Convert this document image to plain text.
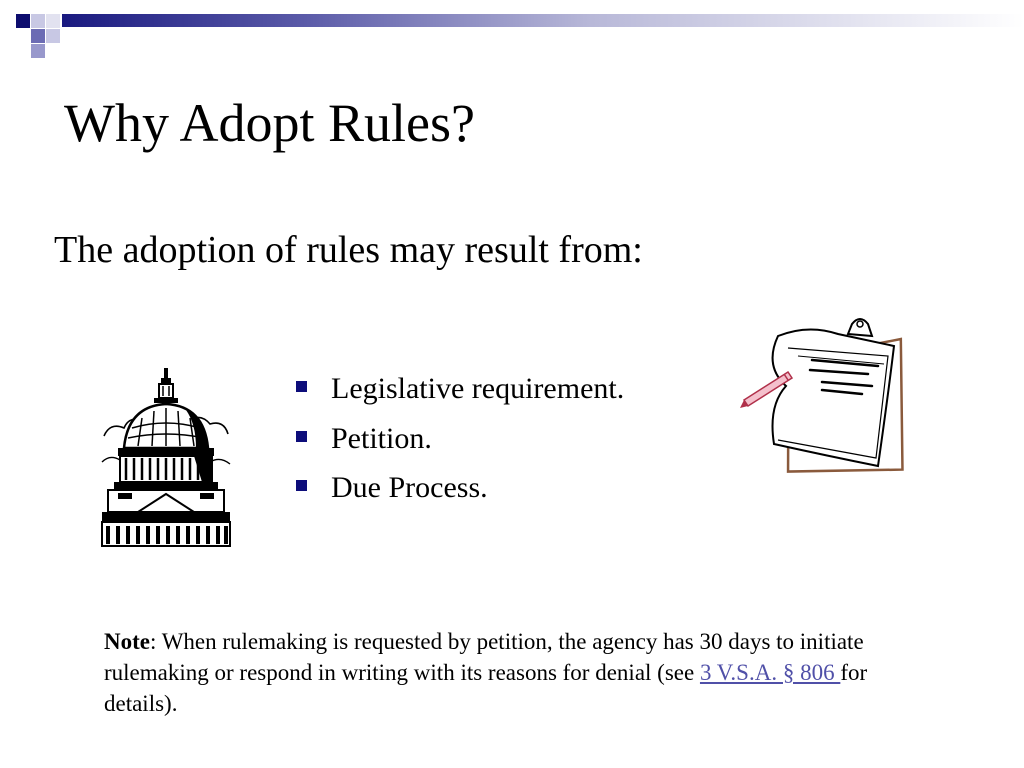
Why Adopt Rules?

The adoption of rules may result from:

Legislative requirement.
Petition.
Due Process.

Note: When rulemaking is requested by petition, the agency has 30 days to initiate rulemaking or respond in writing with its reasons for denial (see 3 V.S.A. § 806 for details).
